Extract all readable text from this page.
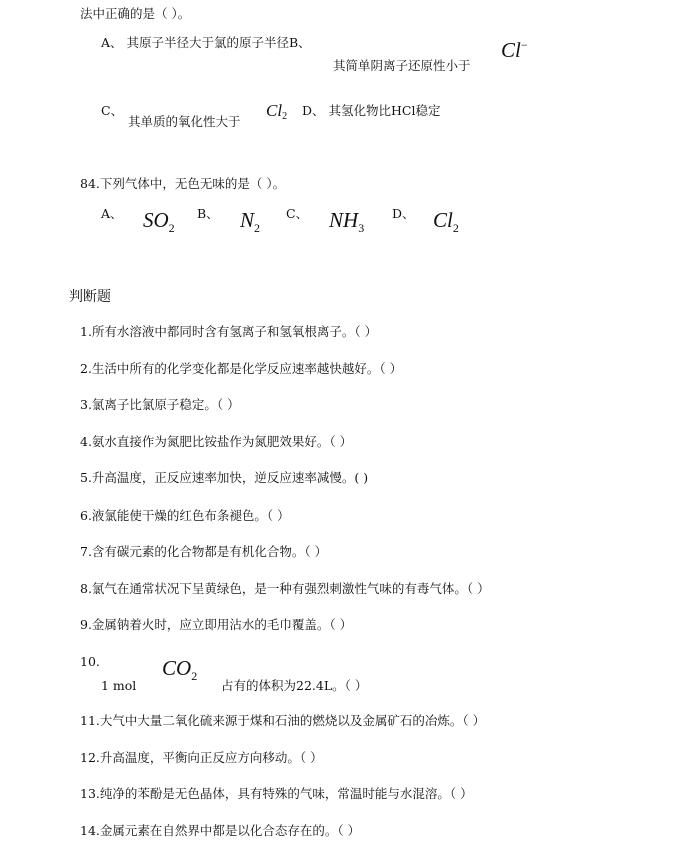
法中正确的是（ ）。
A、 其原子半径大于氯的原子半径B、	Cl−
其简单阴离子还原性小于
C、
其单质的氧化性大于
$Cl_2$ D、 其氢化物比HCl稳定
84.下列气体中，无色无味的是（ ）。
A、 $SO_2$
B、 $N_2$
C、 $NH_3$
D、 $Cl_2$
判断题
1.所有水溶液中都同时含有氢离子和氢氧根离子。（ ）
2.生活中所有的化学变化都是化学反应速率越快越好。（ ）
3.氯离子比氯原子稳定。（ ）
4.氨水直接作为氮肥比铵盐作为氮肥效果好。（ ）
5.升高温度，正反应速率加快，逆反应速率减慢。( )
6.液氯能使干燥的红色布条褪色。（ ）
7.含有碳元素的化合物都是有机化合物。（ ）
8.氯气在通常状况下呈黄绿色，是一种有强烈刺激性气味的有毒气体。（ ）
9.金属钠着火时，应立即用沾水的毛巾覆盖。（ ）
10.	$CO_2$
1 mol	占有的体积为22.4L。（ ）
11.大气中大量二氧化硫来源于煤和石油的燃烧以及金属矿石的冶炼。（ ）
12.升高温度，平衡向正反应方向移动。（ ）
13.纯净的苯酚是无色晶体，具有特殊的气味，常温时能与水混溶。（ ）
14.金属元素在自然界中都是以化合态存在的。（ ）
